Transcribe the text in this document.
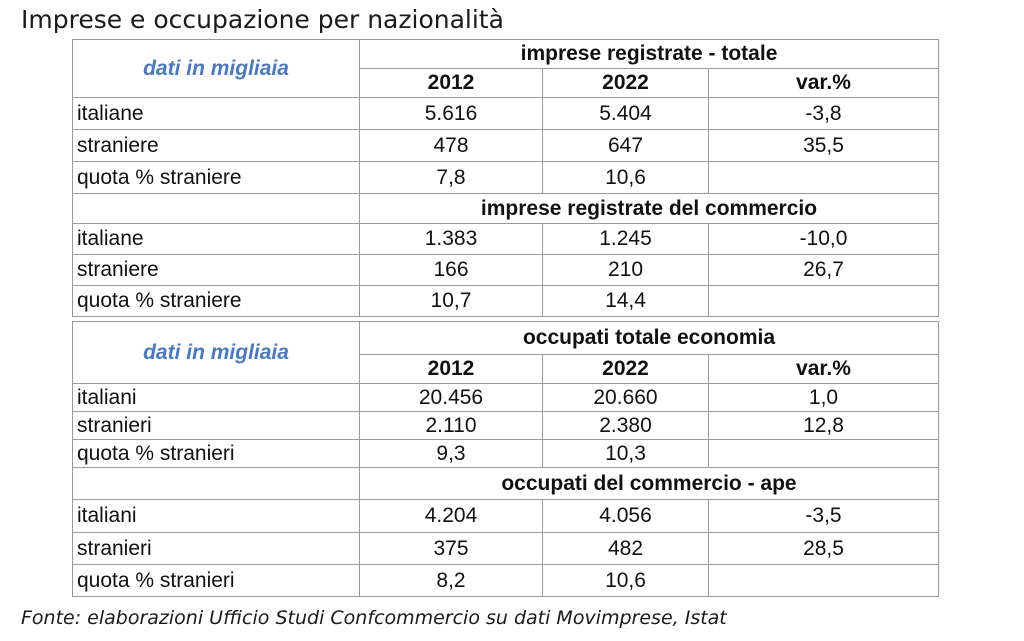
Imprese e occupazione per nazionalità
dati in migliaia	imprese registrate - totale		
	2012	2022	var.%
italiane	5.616	5.404	-3,8
straniere	478	647	35,5
quota % straniere	7,8	10,6	
	imprese registrate del commercio		
italiane	1.383	1.245	-10,0
straniere	166	210	26,7
quota % straniere	10,7	14,4	
dati in migliaia	occupati totale economia		
	2012	2022	var.%
italiani	20.456	20.660	1,0
stranieri	2.110	2.380	12,8
quota % stranieri	9,3	10,3	
	occupati del commercio - ape		
italiani	4.204	4.056	-3,5
stranieri	375	482	28,5
quota % stranieri	8,2	10,6	
Fonte: elaborazioni Ufficio Studi Confcommercio su dati Movimprese, Istat
